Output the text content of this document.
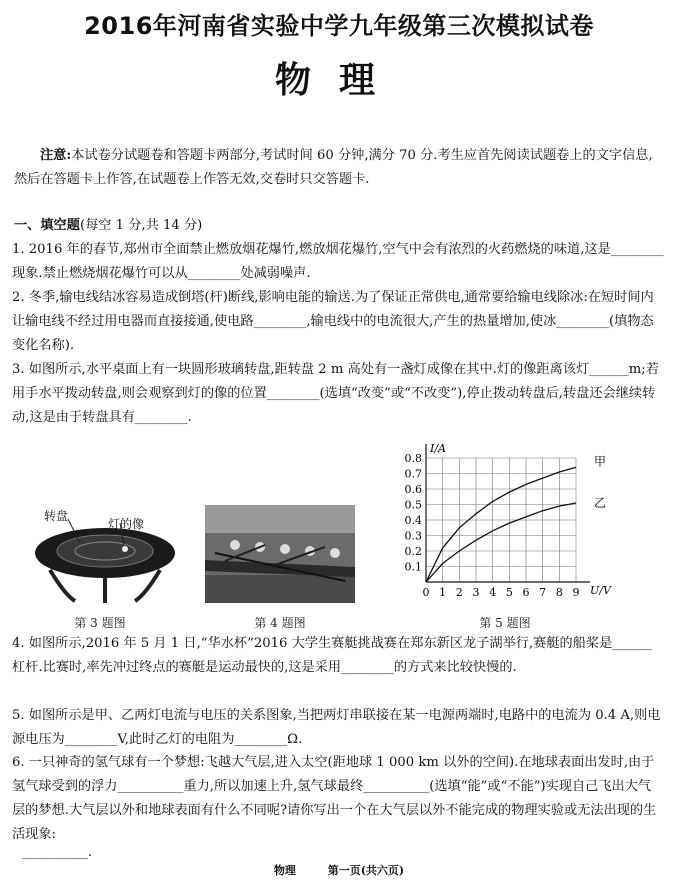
2016年河南省实验中学九年级第三次模拟试卷
物理
注意:本试卷分试题卷和答题卡两部分,考试时间 60 分钟,满分 70 分.考生应首先阅读试题卷上的文字信息,然后在答题卡上作答,在试题卷上作答无效,交卷时只交答题卡.
一、填空题(每空 1 分,共 14 分)
1. 2016 年的春节,郑州市全面禁止燃放烟花爆竹,燃放烟花爆竹,空气中会有浓烈的火药燃烧的味道,这是________现象.禁止燃烧烟花爆竹可以从________处减弱噪声.
2. 冬季,输电线结冰容易造成倒塔(杆)断线,影响电能的输送.为了保证正常供电,通常要给输电线除冰:在短时间内让输电线不经过用电器而直接接通,使电路________,输电线中的电流很大,产生的热量增加,使冰________(填物态变化名称).
3. 如图所示,水平桌面上有一块圆形玻璃转盘,距转盘 2 m 高处有一盏灯成像在其中.灯的像距离该灯______m;若用手水平拨动转盘,则会观察到灯的像的位置________(选填“改变”或“不改变”),停止拨动转盘后,转盘还会继续转动,这是由于转盘具有________.
转盘
灯的像
第 3 题图	第 4 题图
0 1 2 3 4 5 6 7 8 9
0.1
0.2
0.3
0.4
0.5
0.6
0.7
0.8
U/V
I/A
甲
乙
第 5 题图
4. 如图所示,2016 年 5 月 1 日,“华水杯”2016 大学生赛艇挑战赛在郑东新区龙子湖举行,赛艇的船桨是______杠杆.比赛时,率先冲过终点的赛艇是运动最快的,这是采用________的方式来比较快慢的.
5. 如图所示是甲、乙两灯电流与电压的关系图象,当把两灯串联接在某一电源两端时,电路中的电流为 0.4 A,则电源电压为________V,此时乙灯的电阻为________Ω.
6. 一只神奇的氢气球有一个梦想:飞越大气层,进入太空(距地球 1 000 km 以外的空间).在地球表面出发时,由于氢气球受到的浮力__________重力,所以加速上升,氢气球最终__________(选填“能”或“不能”)实现自己飞出大气层的梦想.大气层以外和地球表面有什么不同呢?请你写出一个在大气层以外不能完成的物理实验或无法出现的生活现象:
__________.
物理	第一页(共六页)
